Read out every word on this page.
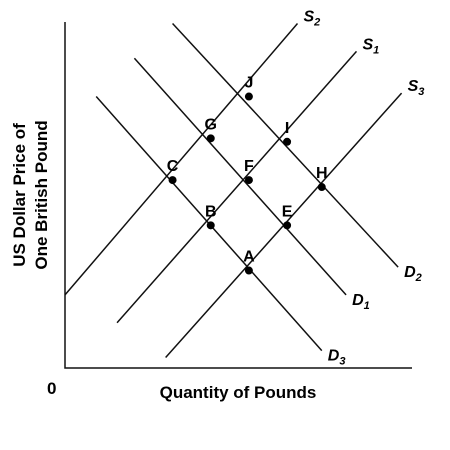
$S_2$
$S_1$
$S_3$
$D_2$
$D_1$
$D_3$
J
G	I
C	F	H
B	E
A
0	Quantity of Pounds
US Dollar Price of One British Pound
